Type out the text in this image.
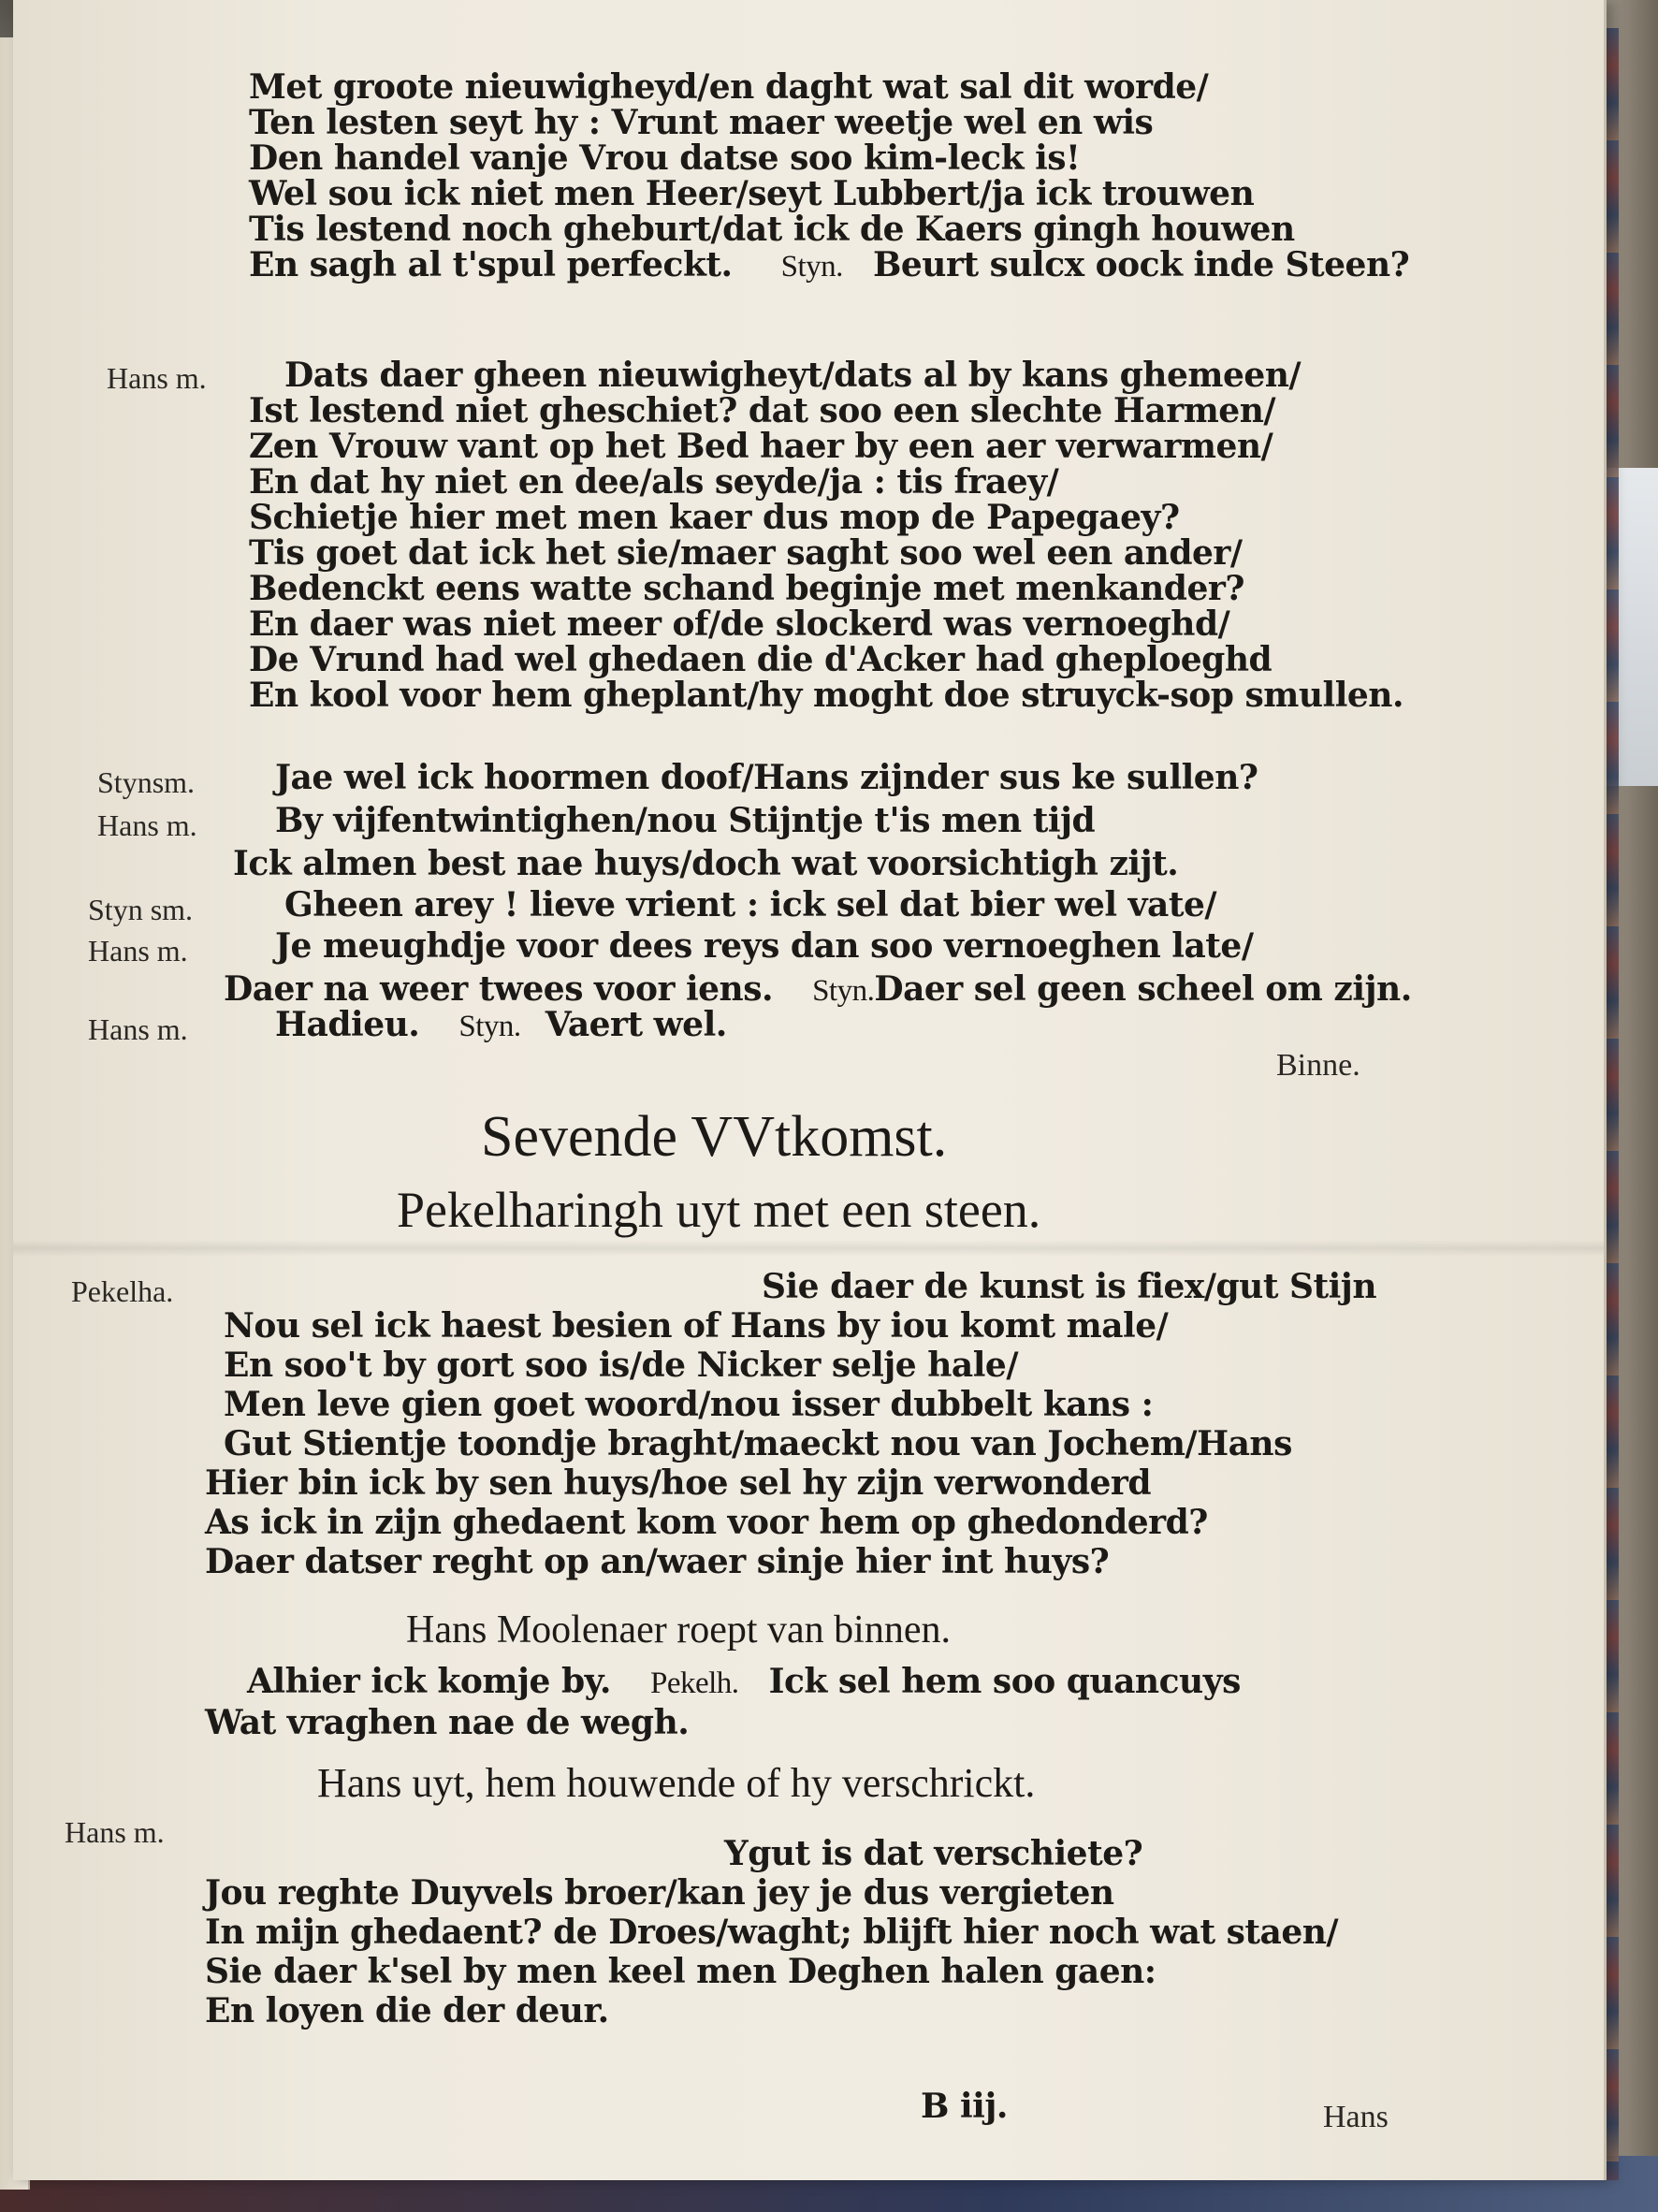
Met groote nieuwigheyd/en daght wat sal dit worde/
Ten lesten seyt hy : Vrunt maer weetje wel en wis
Den handel vanje Vrou datse soo kim-leck is!
Wel sou ick niet men Heer/seyt Lubbert/ja ick trouwen
Tis lestend noch gheburt/dat ick de Kaers gingh houwen
En sagh al t'spul perfeckt. Styn. Beurt sulcx oock inde Steen?
Hans m. Dats daer gheen nieuwigheyt/dats al by kans ghemeen/
Ist lestend niet gheschiet? dat soo een slechte Harmen/
Zen Vrouw vant op het Bed haer by een aer verwarmen/
En dat hy niet en dee/als seyde/ja : tis fraey/
Schietje hier met men kaer dus mop de Papegaey?
Tis goet dat ick het sie/maer saght soo wel een ander/
Bedenckt eens watte schand beginje met menkander?
En daer was niet meer of/de slockerd was vernoeghd/
De Vrund had wel ghedaen die d'Acker had gheploeghd
En kool voor hem gheplant/hy moght doe struyck-sop smullen.
Stynsm. Jae wel ick hoormen doof/Hans zijnder sus ke sullen?
Hans m. By vijfentwintighen/nou Stijntje t'is men tijd
Ick almen best nae huys/doch wat voorsichtigh zijt.
Styn sm.	Gheen arey ! lieve vrient : ick sel dat bier wel vate/
Hans m.	Je meughdje voor dees reys dan soo vernoeghen late/
Daer na weer twees voor iens. Styn.Daer sel geen scheel om zijn.
Hans m.	Hadieu. Styn. Vaert wel.
Binne.
Sevende VVtkomst.
Pekelharingh uyt met een steen.
Pekelha.	Sie daer de kunst is fiex/gut Stijn
Nou sel ick haest besien of Hans by iou komt male/
En soo't by gort soo is/de Nicker selje hale/
Men leve gien goet woord/nou isser dubbelt kans :
Gut Stientje toondje braght/maeckt nou van Jochem/Hans
Hier bin ick by sen huys/hoe sel hy zijn verwonderd
As ick in zijn ghedaent kom voor hem op ghedonderd?
Daer datser reght op an/waer sinje hier int huys?
Hans Moolenaer roept van binnen.
Alhier ick komje by. Pekelh. Ick sel hem soo quancuys
Wat vraghen nae de wegh.
Hans uyt, hem houwende of hy verschrickt.
Hans m.
Ygut is dat verschiete?
Jou reghte Duyvels broer/kan jey je dus vergieten
In mijn ghedaent? de Droes/waght; blijft hier noch wat staen/
Sie daer k'sel by men keel men Deghen halen gaen:
En loyen die der deur.
B iij.	Hans
